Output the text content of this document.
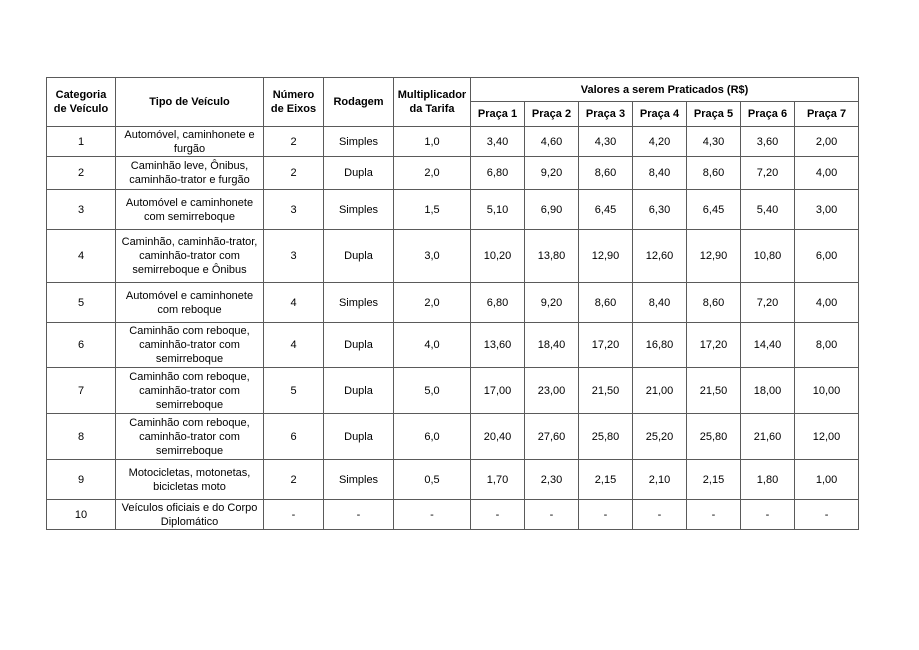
Categoria de Veículo	Tipo de Veículo	Número de Eixos	Rodagem	Multiplicador da Tarifa	Valores a serem Praticados (R$)						
					Praça 1	Praça 2	Praça 3	Praça 4	Praça 5	Praça 6	Praça 7
1	Automóvel, caminhonete e furgão	2	Simples	1,0	3,40	4,60	4,30	4,20	4,30	3,60	2,00
2	Caminhão leve, Ônibus, caminhão-trator e furgão	2	Dupla	2,0	6,80	9,20	8,60	8,40	8,60	7,20	4,00
3	Automóvel e caminhonete com semirreboque	3	Simples	1,5	5,10	6,90	6,45	6,30	6,45	5,40	3,00
4	Caminhão, caminhão-trator, caminhão-trator com semirreboque e Ônibus	3	Dupla	3,0	10,20	13,80	12,90	12,60	12,90	10,80	6,00
5	Automóvel e caminhonete com reboque	4	Simples	2,0	6,80	9,20	8,60	8,40	8,60	7,20	4,00
6	Caminhão com reboque, caminhão-trator com semirreboque	4	Dupla	4,0	13,60	18,40	17,20	16,80	17,20	14,40	8,00
7	Caminhão com reboque, caminhão-trator com semirreboque	5	Dupla	5,0	17,00	23,00	21,50	21,00	21,50	18,00	10,00
8	Caminhão com reboque, caminhão-trator com semirreboque	6	Dupla	6,0	20,40	27,60	25,80	25,20	25,80	21,60	12,00
9	Motocicletas, motonetas, bicicletas moto	2	Simples	0,5	1,70	2,30	2,15	2,10	2,15	1,80	1,00
10	Veículos oficiais e do Corpo Diplomático	-	-	-	-	-	-	-	-	-	-
